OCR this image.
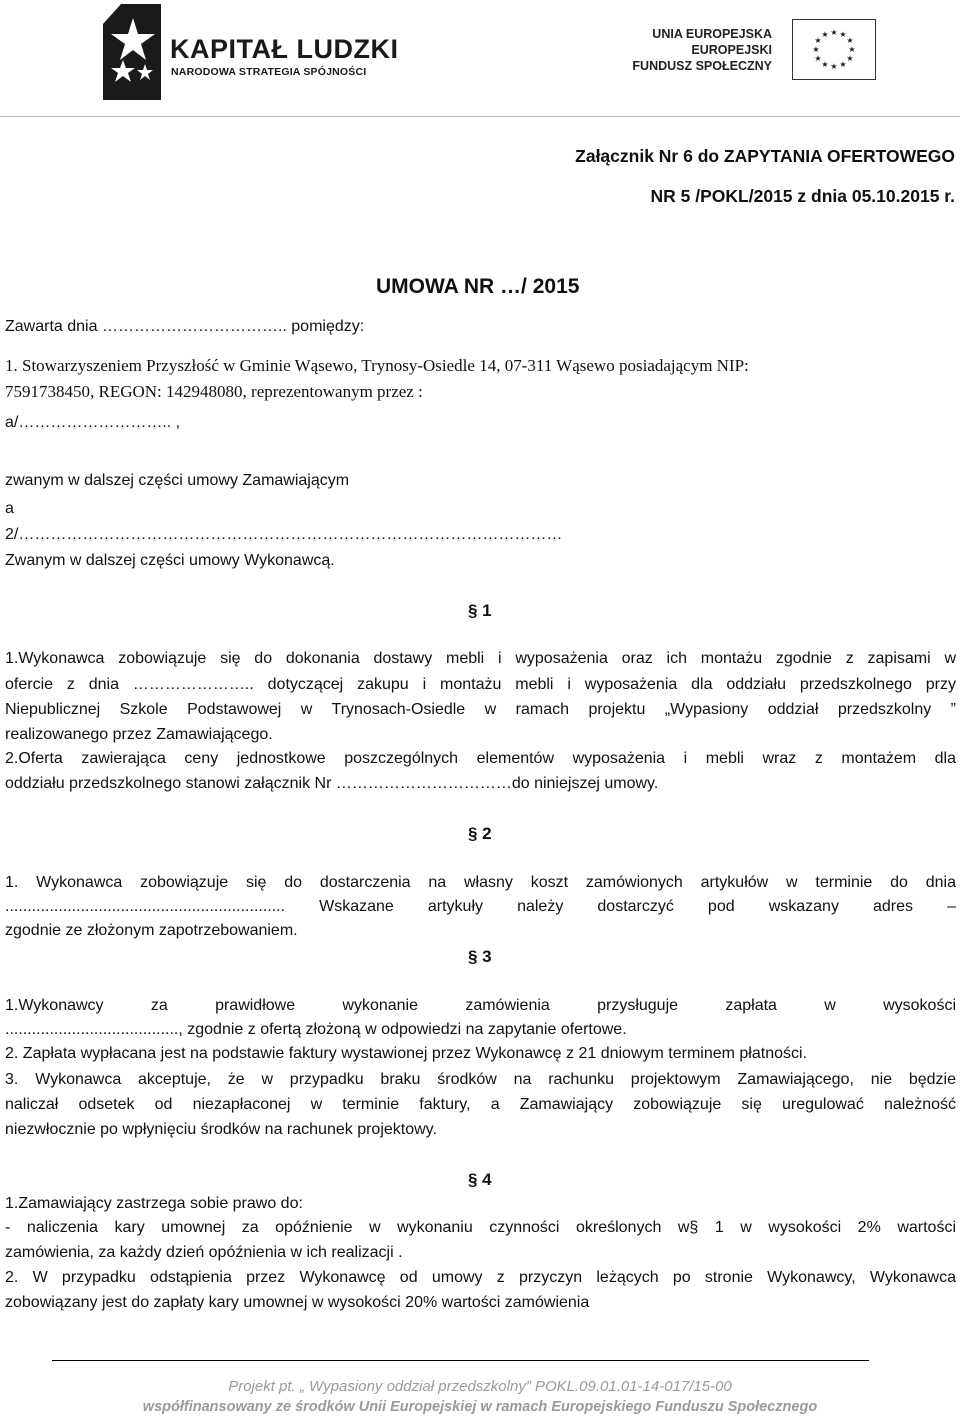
KAPITAŁ LUDZKI
NARODOWA STRATEGIA SPÓJNOŚCI
UNIA EUROPEJSKA
EUROPEJSKI
FUNDUSZ SPOŁECZNY
★ ★
★
★
★
★
★
★
★
★
★
★
Załącznik Nr 6 do ZAPYTANIA OFERTOWEGO
NR 5 /POKL/2015 z dnia 05.10.2015 r.
UMOWA NR …/ 2015
Zawarta dnia …………………………….. pomiędzy:
1. Stowarzyszeniem Przyszłość w Gminie Wąsewo, Trynosy-Osiedle 14, 07-311 Wąsewo posiadającym NIP:
7591738450, REGON: 142948080, reprezentowanym przez :
a/……………………….. ,
zwanym w dalszej części umowy Zamawiającym
a
2/…………………………………………………………………………………………
Zwanym w dalszej części umowy Wykonawcą.
§ 1
1.Wykonawca zobowiązuje się do dokonania dostawy mebli i wyposażenia oraz ich montażu zgodnie z zapisami w
ofercie z dnia ………………….. dotyczącej zakupu i montażu mebli i wyposażenia dla oddziału przedszkolnego przy
Niepublicznej Szkole Podstawowej w Trynosach-Osiedle w ramach projektu „Wypasiony oddział przedszkolny ”
realizowanego przez Zamawiającego.
2.Oferta zawierająca ceny jednostkowe poszczególnych elementów wyposażenia i mebli wraz z montażem dla
oddziału przedszkolnego stanowi załącznik Nr ……………………………do niniejszej umowy.
§ 2
1. Wykonawca zobowiązuje się do dostarczenia na własny koszt zamówionych artykułów w terminie do dnia
............................................................... Wskazane artykuły należy dostarczyć pod wskazany adres –
zgodnie ze złożonym zapotrzebowaniem.
§ 3
1.Wykonawcy za prawidłowe wykonanie zamówienia przysługuje zapłata w wysokości
......................................., zgodnie z ofertą złożoną w odpowiedzi na zapytanie ofertowe.
2. Zapłata wypłacana jest na podstawie faktury wystawionej przez Wykonawcę z 21 dniowym terminem płatności.
3. Wykonawca akceptuje, że w przypadku braku środków na rachunku projektowym Zamawiającego, nie będzie
naliczał odsetek od niezapłaconej w terminie faktury, a Zamawiający zobowiązuje się uregulować należność
niezwłocznie po wpłynięciu środków na rachunek projektowy.
§ 4
1.Zamawiający zastrzega sobie prawo do:
- naliczenia kary umownej za opóźnienie w wykonaniu czynności określonych w§ 1 w wysokości 2% wartości
zamówienia, za każdy dzień opóźnienia w ich realizacji .
2. W przypadku odstąpienia przez Wykonawcę od umowy z przyczyn leżących po stronie Wykonawcy, Wykonawca
zobowiązany jest do zapłaty kary umownej w wysokości 20% wartości zamówienia
Projekt pt. „ Wypasiony oddział przedszkolny” POKL.09.01.01-14-017/15-00
współfinansowany ze środków Unii Europejskiej w ramach Europejskiego Funduszu Społecznego
